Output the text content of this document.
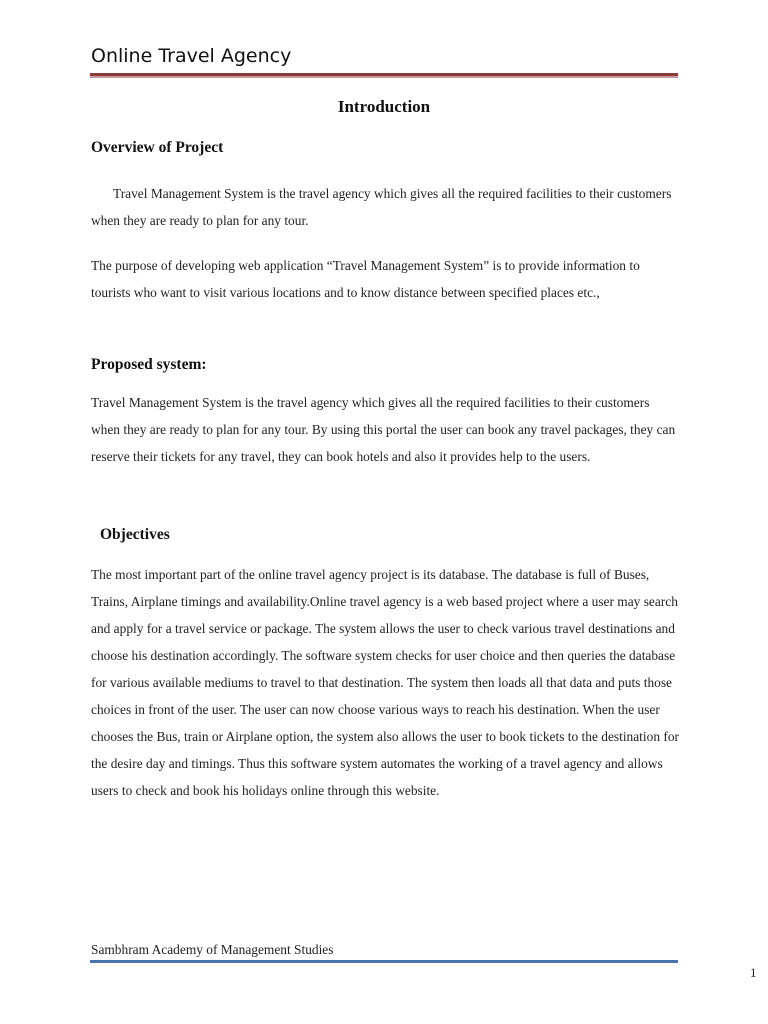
Online Travel Agency
Introduction
Overview of Project

Travel Management System is the travel agency which gives all the required facilities to their customers when they are ready to plan for any tour.

The purpose of developing web application “Travel Management System” is to provide information to tourists who want to visit various locations and to know distance between specified places etc.,

Proposed system:

Travel Management System is the travel agency which gives all the required facilities to their customers when they are ready to plan for any tour. By using this portal the user can book any travel packages, they can reserve their tickets for any travel, they can book hotels and also it provides help to the users.

Objectives

The most important part of the online travel agency project is its database. The database is full of Buses, Trains, Airplane timings and availability.Online travel agency is a web based project where a user may search and apply for a travel service or package. The system allows the user to check various travel destinations and choose his destination accordingly. The software system checks for user choice and then queries the database for various available mediums to travel to that destination. The system then loads all that data and puts those choices in front of the user. The user can now choose various ways to reach his destination. When the user chooses the Bus, train or Airplane option, the system also allows the user to book tickets to the destination for the desire day and timings. Thus this software system automates the working of a travel agency and allows users to check and book his holidays online through this website.

Sambhram Academy of Management Studies
1
